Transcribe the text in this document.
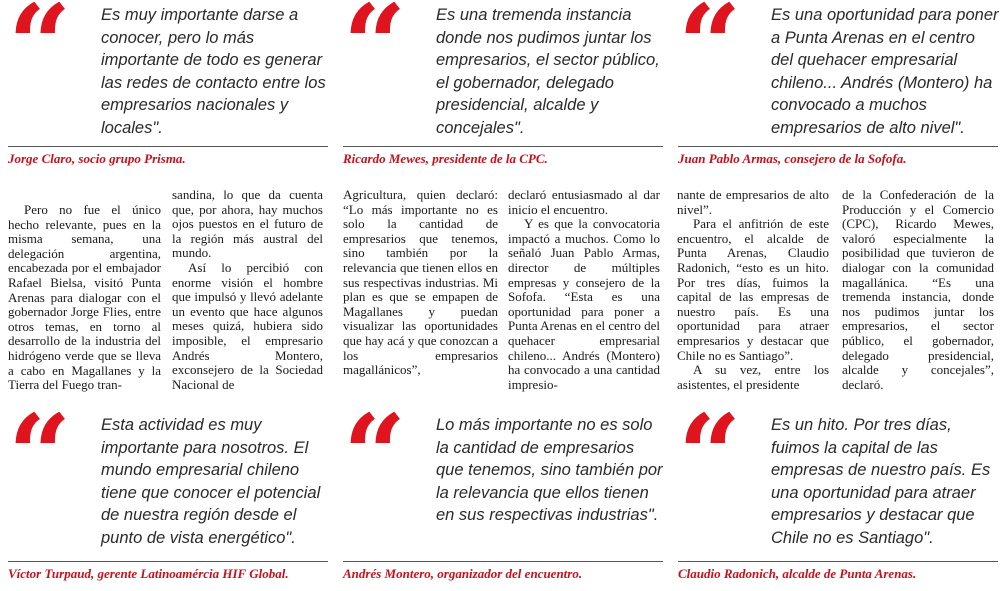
“ Es muy importante darse a conocer, pero lo más importante de todo es generar las redes de contacto entre los empresarios nacionales y locales".
Jorge Claro, socio grupo Prisma.
“ Es una tremenda instancia donde nos pudimos juntar los empresarios, el sector público, el gobernador, delegado presidencial, alcalde y concejales".
Ricardo Mewes, presidente de la CPC.
“ Es una oportunidad para poner a Punta Arenas en el centro del quehacer empresarial chileno... Andrés (Montero) ha convocado a muchos empresarios de alto nivel".
Juan Pablo Armas, consejero de la Sofofa.

Pero no fue el único hecho relevante, pues en la misma semana, una delegación argentina, encabezada por el embajador Rafael Bielsa, visitó Punta Arenas para dialogar con el gobernador Jorge Flies, entre otros temas, en torno al desarrollo de la industria del hidrógeno verde que se lleva a cabo en Magallanes y la Tierra del Fuego tran-

sandina, lo que da cuenta que, por ahora, hay muchos ojos puestos en el futuro de la región más austral del mundo.

Así lo percibió con enorme visión el hombre que impulsó y llevó adelante un evento que hace algunos meses quizá, hubiera sido imposible, el empresario Andrés Montero, exconsejero de la Sociedad Nacional de

Agricultura, quien declaró: “Lo más importante no es solo la cantidad de empresarios que tenemos, sino también por la relevancia que tienen ellos en sus respectivas industrias. Mi plan es que se empapen de Magallanes y puedan visualizar las oportunidades que hay acá y que conozcan a los empresarios magallánicos”,

declaró entusiasmado al dar inicio el encuentro.

Y es que la convocatoria impactó a muchos. Como lo señaló Juan Pablo Armas, director de múltiples empresas y consejero de la Sofofa. “Esta es una oportunidad para poner a Punta Arenas en el centro del quehacer empresarial chileno... Andrés (Montero) ha convocado a una cantidad impresio-

nante de empresarios de alto nivel”.

Para el anfitrión de este encuentro, el alcalde de Punta Arenas, Claudio Radonich, “esto es un hito. Por tres días, fuimos la capital de las empresas de nuestro país. Es una oportunidad para atraer empresarios y destacar que Chile no es Santiago”.

A su vez, entre los asistentes, el presidente

de la Confederación de la Producción y el Comercio (CPC), Ricardo Mewes, valoró especialmente la posibilidad que tuvieron de dialogar con la comunidad magallánica. “Es una tremenda instancia, donde nos pudimos juntar los empresarios, el sector público, el gobernador, delegado presidencial, alcalde y concejales”, declaró.

“ Esta actividad es muy importante para nosotros. El mundo empresarial chileno tiene que conocer el potencial de nuestra región desde el punto de vista energético".
Víctor Turpaud, gerente Latinoamércia HIF Global.
“ Lo más importante no es solo la cantidad de empresarios que tenemos, sino también por la relevancia que ellos tienen en sus respectivas industrias".
Andrés Montero, organizador del encuentro.
“ Es un hito. Por tres días, fuimos la capital de las empresas de nuestro país. Es una oportunidad para atraer empresarios y destacar que Chile no es Santiago".
Claudio Radonich, alcalde de Punta Arenas.
